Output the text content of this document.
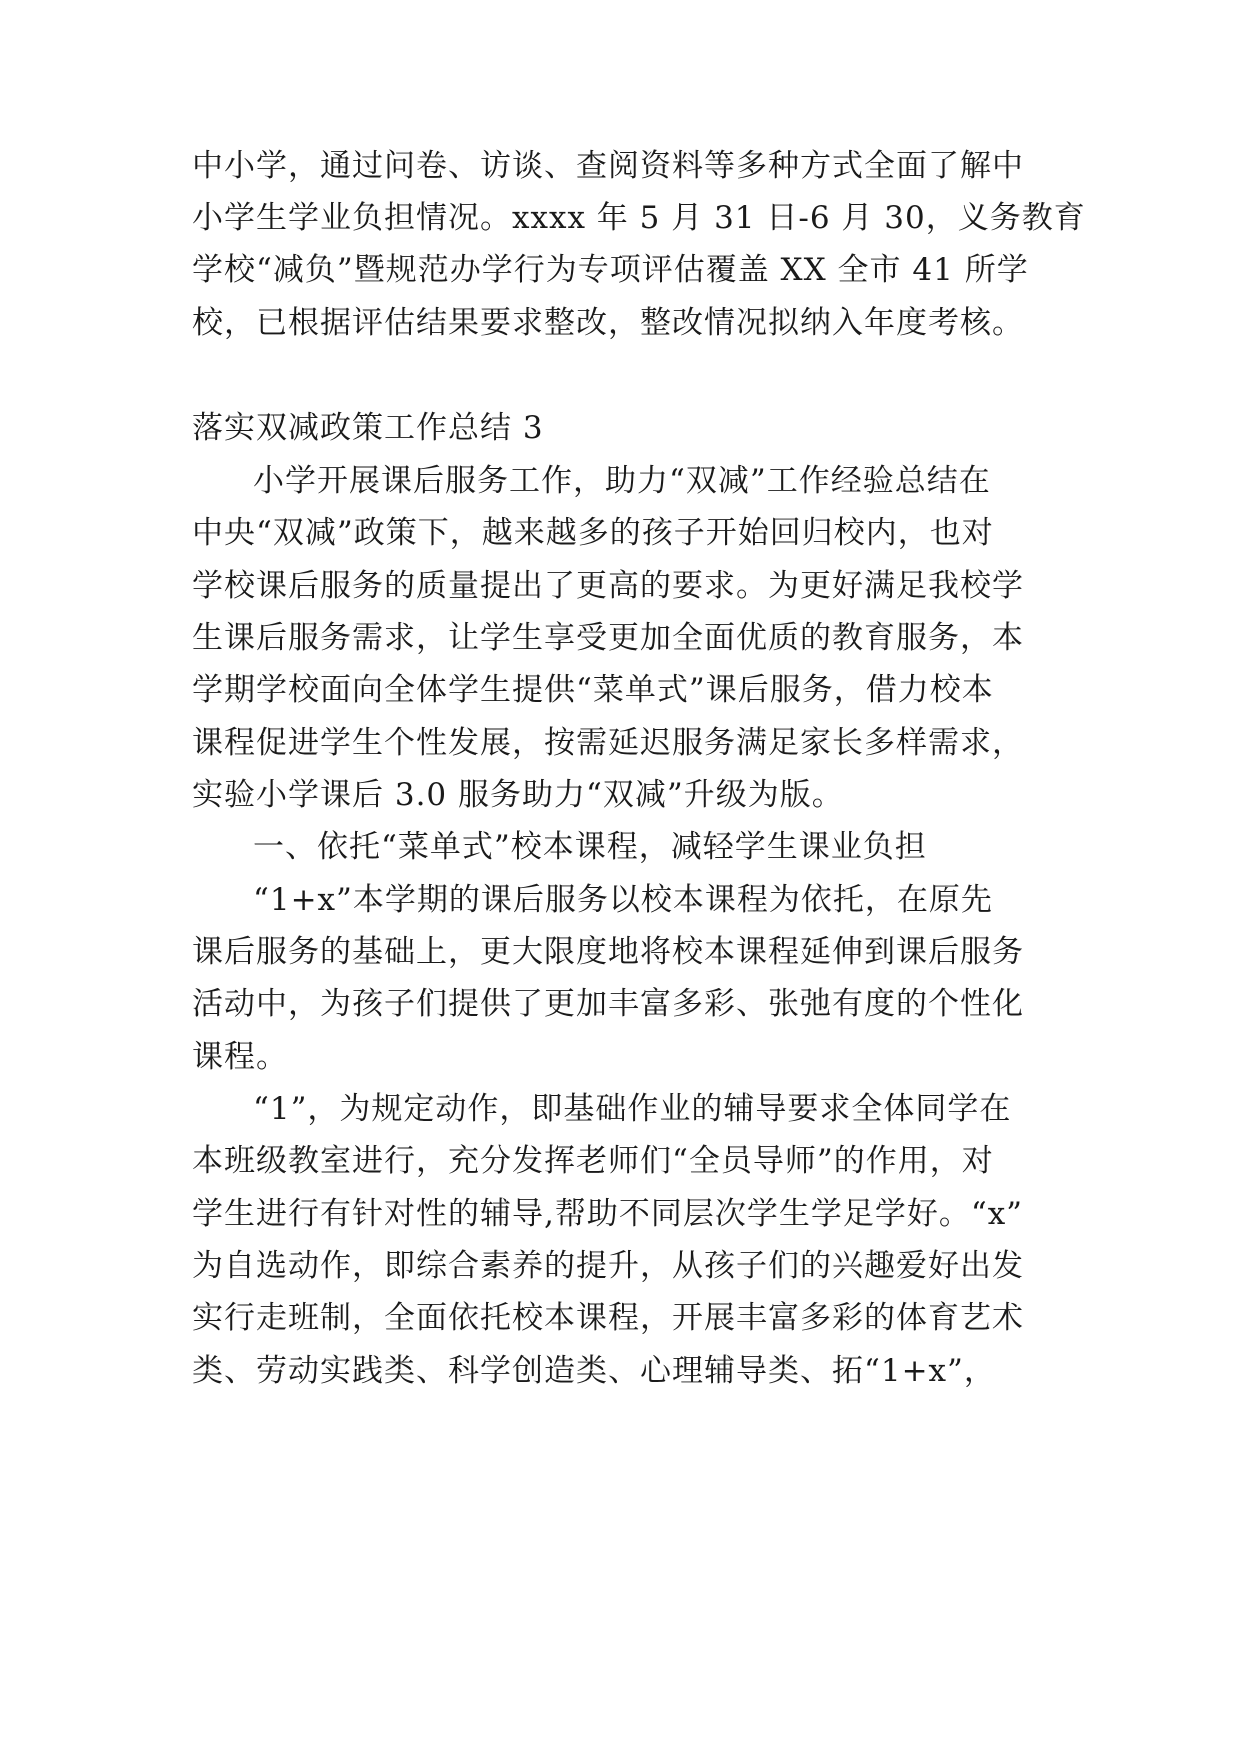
中小学，通过问卷、访谈、查阅资料等多种方式全面了解中
小学生学业负担情况。xxxx 年 5 月 31 日-6 月 30，义务教育
学校“减负”暨规范办学行为专项评估覆盖 XX 全市 41 所学
校，已根据评估结果要求整改，整改情况拟纳入年度考核。
落实双减政策工作总结 3
小学开展课后服务工作，助力“双减”工作经验总结在
中央“双减”政策下，越来越多的孩子开始回归校内，也对
学校课后服务的质量提出了更高的要求。为更好满足我校学
生课后服务需求，让学生享受更加全面优质的教育服务，本
学期学校面向全体学生提供“菜单式”课后服务，借力校本
课程促进学生个性发展，按需延迟服务满足家长多样需求，
实验小学课后 3.0 服务助力“双减”升级为版。
一、依托“菜单式”校本课程，减轻学生课业负担
“1+x”本学期的课后服务以校本课程为依托，在原先
课后服务的基础上，更大限度地将校本课程延伸到课后服务
活动中，为孩子们提供了更加丰富多彩、张弛有度的个性化
课程。
“1”，为规定动作，即基础作业的辅导要求全体同学在
本班级教室进行，充分发挥老师们“全员导师”的作用，对
学生进行有针对性的辅导,帮助不同层次学生学足学好。“x”
为自选动作，即综合素养的提升，从孩子们的兴趣爱好出发
实行走班制，全面依托校本课程，开展丰富多彩的体育艺术
类、劳动实践类、科学创造类、心理辅导类、拓“1+x”，
